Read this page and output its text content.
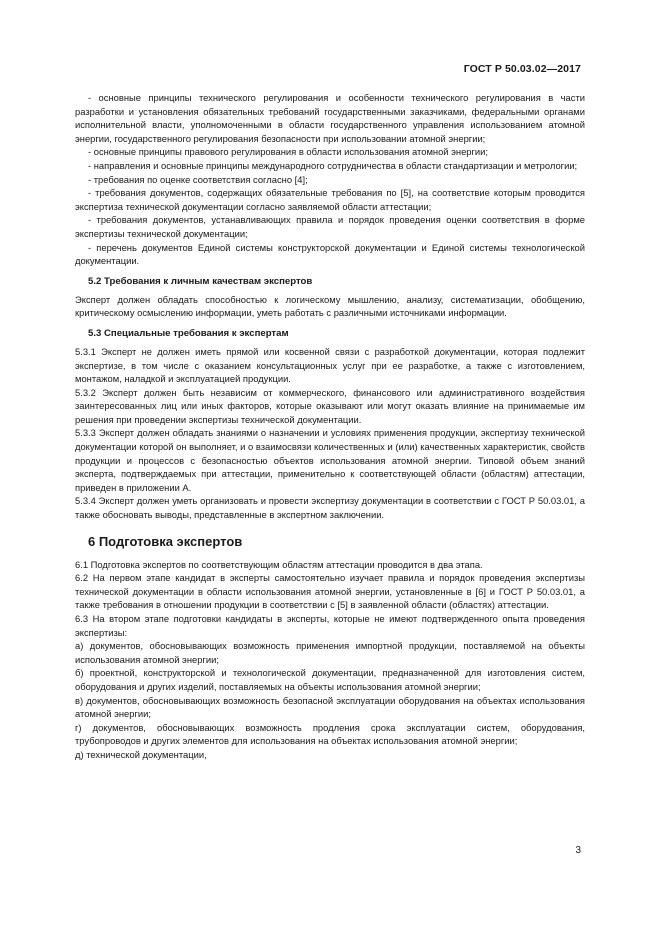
ГОСТ Р 50.03.02—2017

- основные принципы технического регулирования и особенности технического регулирования в части разработки и установления обязательных требований государственными заказчиками, федеральными органами исполнительной власти, уполномоченными в области государственного управления использованием атомной энергии, государственного регулирования безопасности при использовании атомной энергии;

- основные принципы правового регулирования в области использования атомной энергии;

- направления и основные принципы международного сотрудничества в области стандартизации и метрологии;

- требования по оценке соответствия согласно [4];

- требования документов, содержащих обязательные требования по [5], на соответствие которым проводится экспертиза технической документации согласно заявляемой области аттестации;

- требования документов, устанавливающих правила и порядок проведения оценки соответствия в форме экспертизы технической документации;

- перечень документов Единой системы конструкторской документации и Единой системы технологической документации.

5.2 Требования к личным качествам экспертов

Эксперт должен обладать способностью к логическому мышлению, анализу, систематизации, обобщению, критическому осмыслению информации, уметь работать с различными источниками информации.

5.3 Специальные требования к экспертам

5.3.1 Эксперт не должен иметь прямой или косвенной связи с разработкой документации, которая подлежит экспертизе, в том числе с оказанием консультационных услуг при ее разработке, а также с изготовлением, монтажом, наладкой и эксплуатацией продукции.

5.3.2 Эксперт должен быть независим от коммерческого, финансового или административного воздействия заинтересованных лиц или иных факторов, которые оказывают или могут оказать влияние на принимаемые им решения при проведении экспертизы технической документации.

5.3.3 Эксперт должен обладать знаниями о назначении и условиях применения продукции, экспертизу технической документации которой он выполняет, и о взаимосвязи количественных и (или) качественных характеристик, свойств продукции и процессов с безопасностью объектов использования атомной энергии. Типовой объем знаний эксперта, подтверждаемых при аттестации, применительно к соответствующей области (областям) аттестации, приведен в приложении А.

5.3.4 Эксперт должен уметь организовать и провести экспертизу документации в соответствии с ГОСТ Р 50.03.01, а также обосновать выводы, представленные в экспертном заключении.

6 Подготовка экспертов

6.1 Подготовка экспертов по соответствующим областям аттестации проводится в два этапа.

6.2 На первом этапе кандидат в эксперты самостоятельно изучает правила и порядок проведения экспертизы технической документации в области использования атомной энергии, установленные в [6] и ГОСТ Р 50.03.01, а также требования в отношении продукции в соответствии с [5] в заявленной области (областях) аттестации.

6.3 На втором этапе подготовки кандидаты в эксперты, которые не имеют подтвержденного опыта проведения экспертизы:

а) документов, обосновывающих возможность применения импортной продукции, поставляемой на объекты использования атомной энергии;

б) проектной, конструкторской и технологической документации, предназначенной для изготовления систем, оборудования и других изделий, поставляемых на объекты использования атомной энергии;

в) документов, обосновывающих возможность безопасной эксплуатации оборудования на объектах использования атомной энергии;

г) документов, обосновывающих возможность продления срока эксплуатации систем, оборудования, трубопроводов и других элементов для использования на объектах использования атомной энергии;

д) технической документации,

3
